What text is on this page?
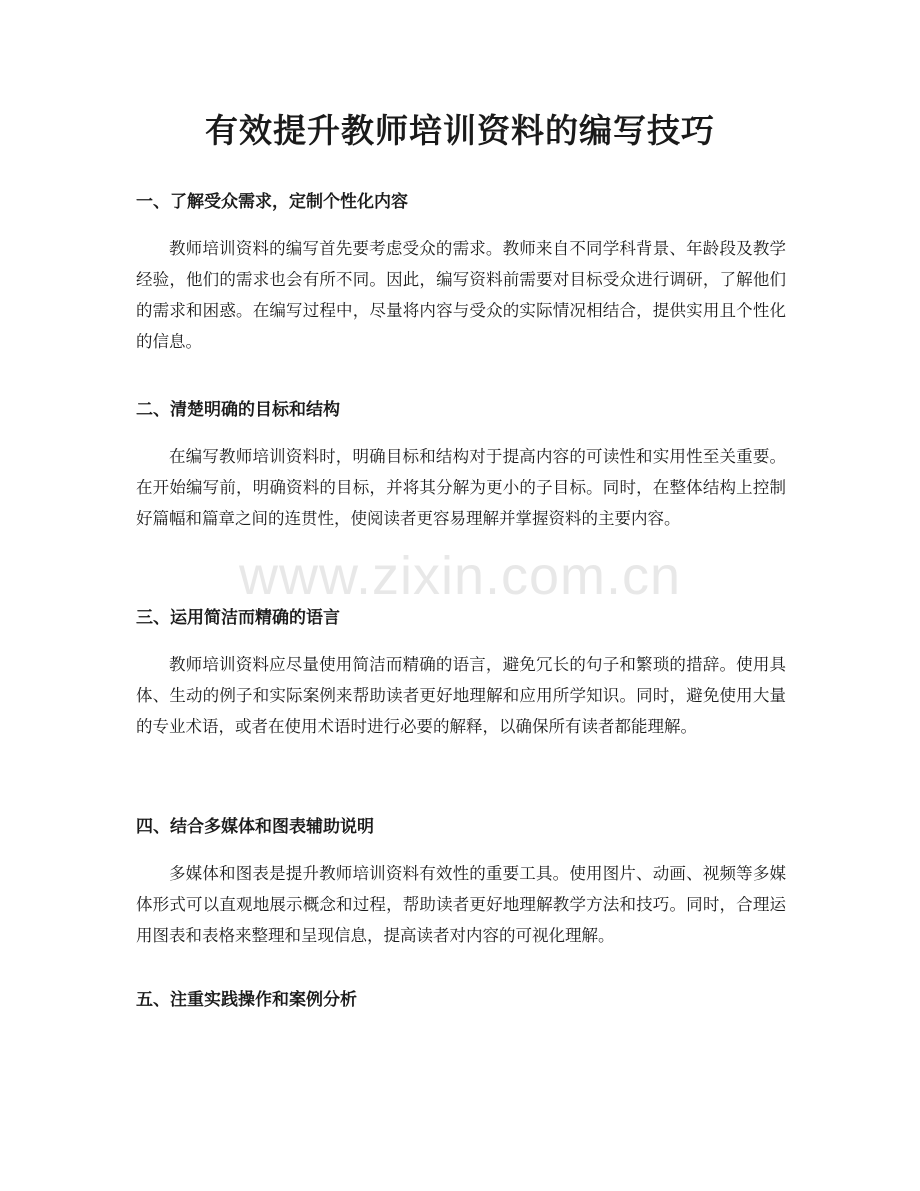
有效提升教师培训资料的编写技巧
一、了解受众需求，定制个性化内容

教师培训资料的编写首先要考虑受众的需求。教师来自不同学科背景、年龄段及教学经验，他们的需求也会有所不同。因此，编写资料前需要对目标受众进行调研，了解他们的需求和困惑。在编写过程中，尽量将内容与受众的实际情况相结合，提供实用且个性化的信息。

二、清楚明确的目标和结构

在编写教师培训资料时，明确目标和结构对于提高内容的可读性和实用性至关重要。在开始编写前，明确资料的目标，并将其分解为更小的子目标。同时，在整体结构上控制好篇幅和篇章之间的连贯性，使阅读者更容易理解并掌握资料的主要内容。

三、运用简洁而精确的语言

教师培训资料应尽量使用简洁而精确的语言，避免冗长的句子和繁琐的措辞。使用具体、生动的例子和实际案例来帮助读者更好地理解和应用所学知识。同时，避免使用大量的专业术语，或者在使用术语时进行必要的解释，以确保所有读者都能理解。

四、结合多媒体和图表辅助说明

多媒体和图表是提升教师培训资料有效性的重要工具。使用图片、动画、视频等多媒体形式可以直观地展示概念和过程，帮助读者更好地理解教学方法和技巧。同时，合理运用图表和表格来整理和呈现信息，提高读者对内容的可视化理解。

五、注重实践操作和案例分析
www.zixin.com.cn
